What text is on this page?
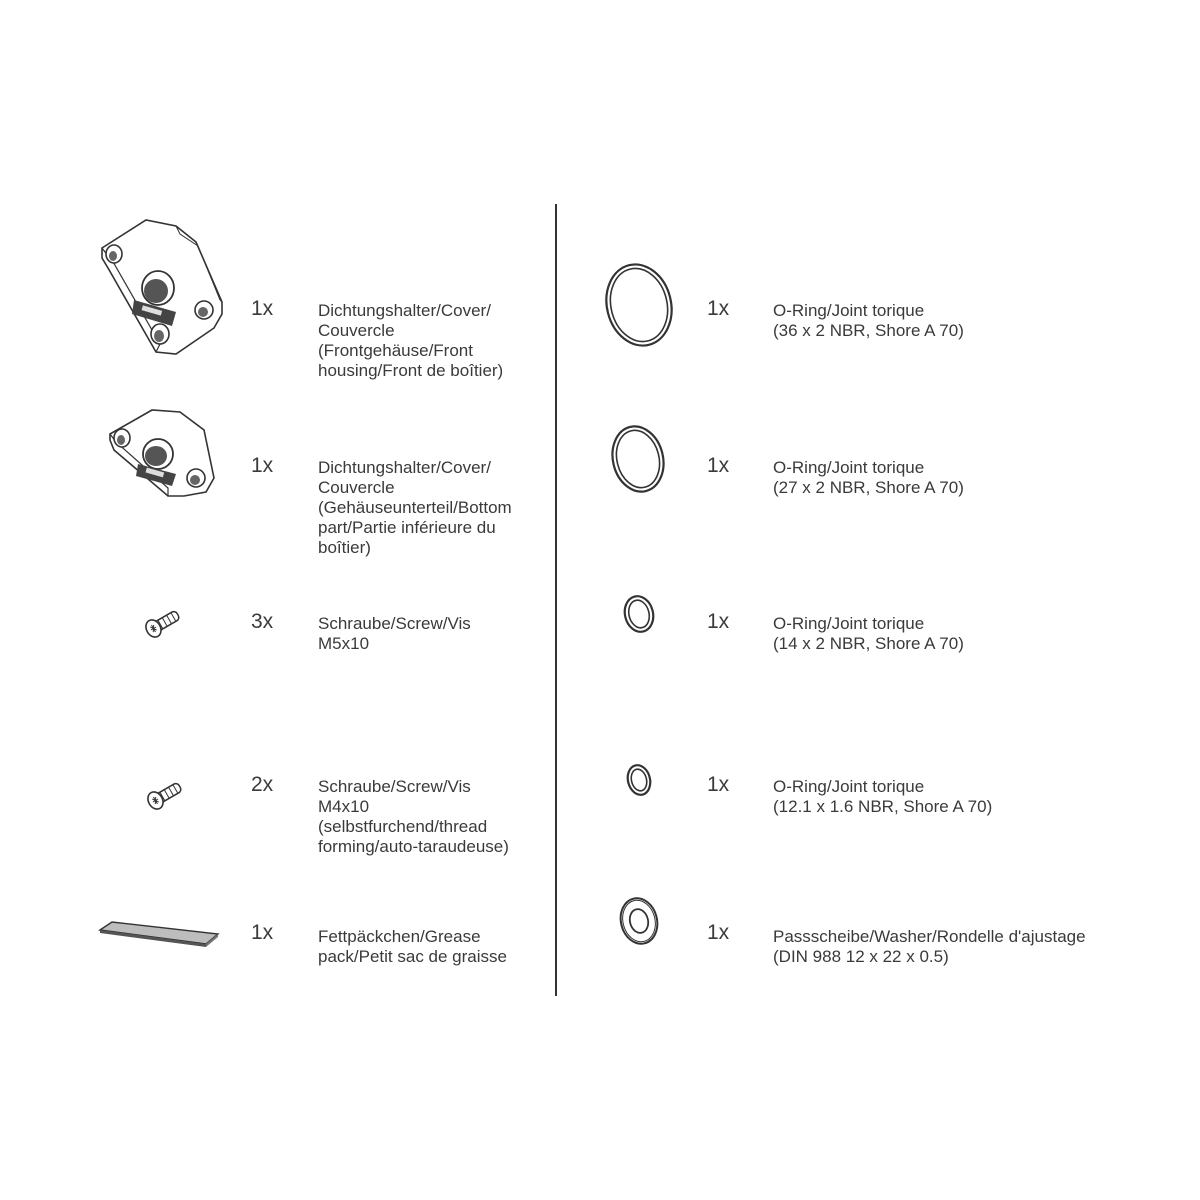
1x	Dichtungshalter/Cover/
Couvercle
(Frontgehäuse/Front
housing/Front de boîtier)
1x	Dichtungshalter/Cover/
Couvercle
(Gehäuseunterteil/Bottom
part/Partie inférieure du
boîtier)
3x	Schraube/Screw/Vis
M5x10
2x	Schraube/Screw/Vis
M4x10
(selbstfurchend/thread
forming/auto-taraudeuse)
1x	Fettpäckchen/Grease
pack/Petit sac de graisse
1x	O-Ring/Joint torique
(36 x 2 NBR, Shore A 70)
1x	O-Ring/Joint torique
(27 x 2 NBR, Shore A 70)
1x	O-Ring/Joint torique
(14 x 2 NBR, Shore A 70)
1x	O-Ring/Joint torique
(12.1 x 1.6 NBR, Shore A 70)
1x	Passscheibe/Washer/Rondelle d'ajustage
(DIN 988 12 x 22 x 0.5)
